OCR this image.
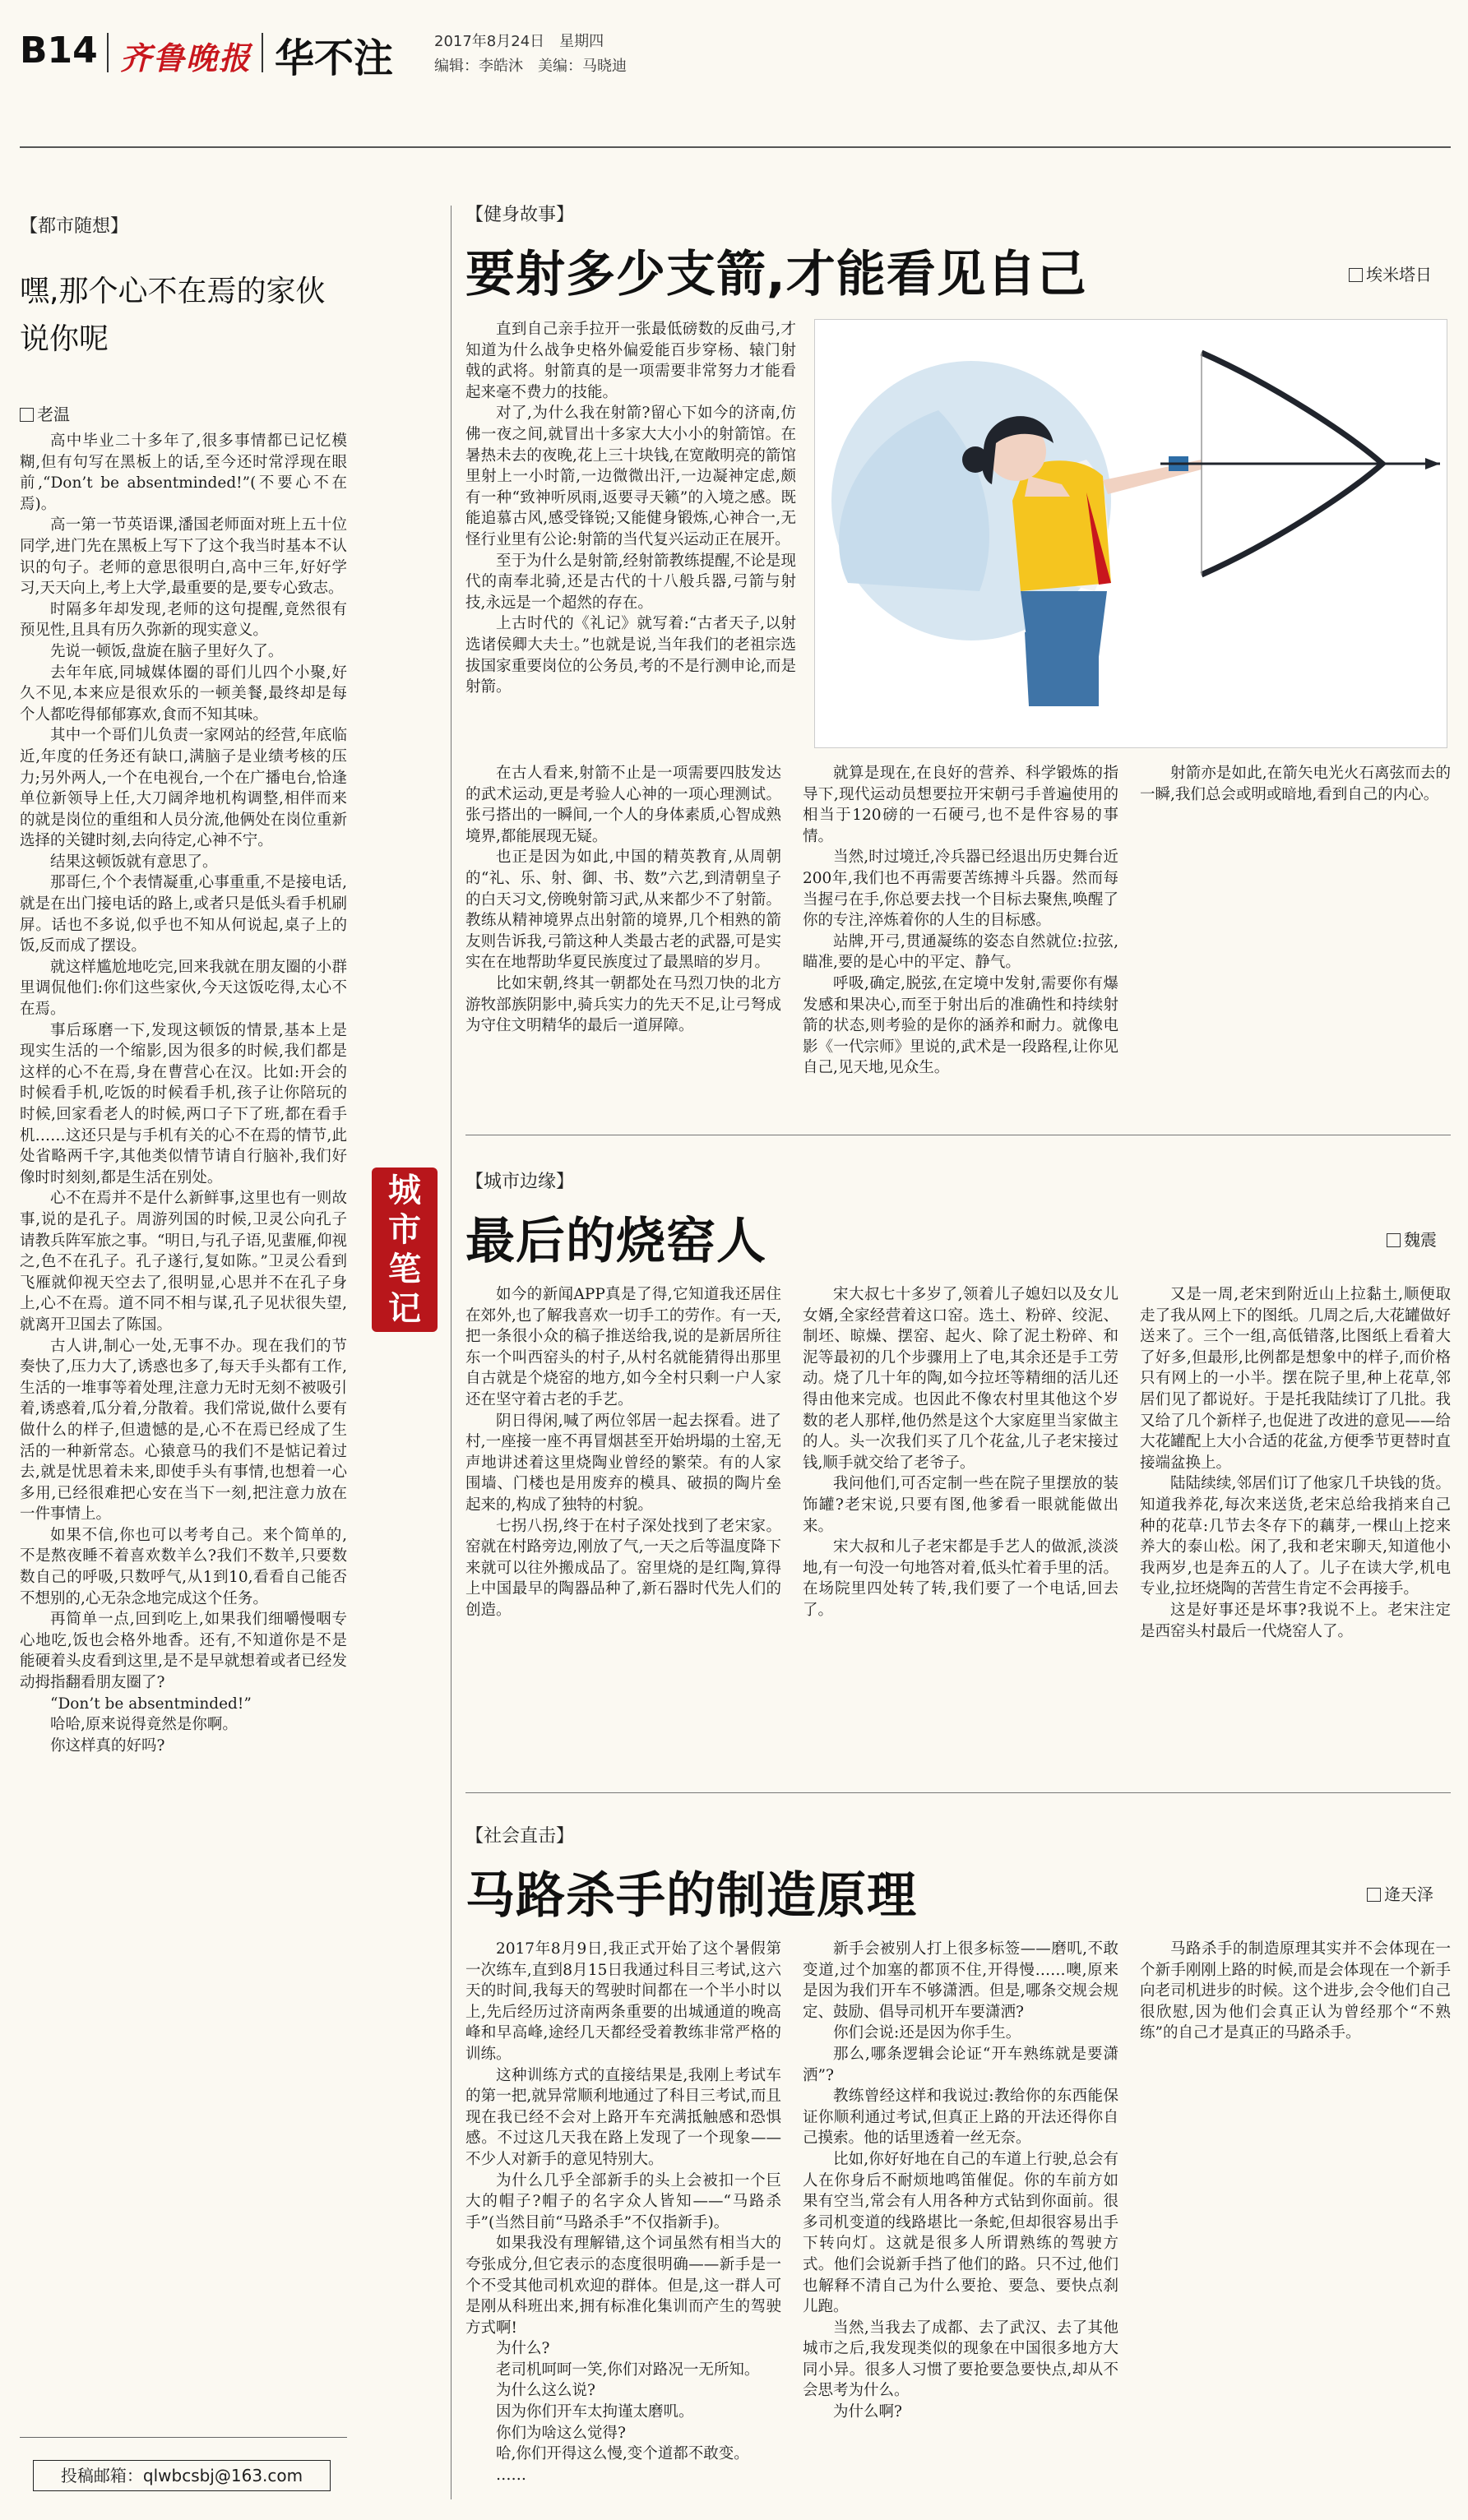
B14 齐鲁晚报 华不注	2017年8月24日　星期四
编辑：李皓沐　美编：马晓迪
【都市随想】
嘿,那个心不在焉的家伙说你呢
老温

高中毕业二十多年了,很多事情都已记忆模糊,但有句写在黑板上的话,至今还时常浮现在眼前,“Don’t be absentminded!”(不要心不在焉)。

高一第一节英语课,潘国老师面对班上五十位同学,进门先在黑板上写下了这个我当时基本不认识的句子。老师的意思很明白,高中三年,好好学习,天天向上,考上大学,最重要的是,要专心致志。

时隔多年却发现,老师的这句提醒,竟然很有预见性,且具有历久弥新的现实意义。

先说一顿饭,盘旋在脑子里好久了。

去年年底,同城媒体圈的哥们儿四个小聚,好久不见,本来应是很欢乐的一顿美餐,最终却是每个人都吃得郁郁寡欢,食而不知其味。

其中一个哥们儿负责一家网站的经营,年底临近,年度的任务还有缺口,满脑子是业绩考核的压力;另外两人,一个在电视台,一个在广播电台,恰逢单位新领导上任,大刀阔斧地机构调整,相伴而来的就是岗位的重组和人员分流,他俩处在岗位重新选择的关键时刻,去向待定,心神不宁。

结果这顿饭就有意思了。

那哥仨,个个表情凝重,心事重重,不是接电话,就是在出门接电话的路上,或者只是低头看手机刷屏。话也不多说,似乎也不知从何说起,桌子上的饭,反而成了摆设。

就这样尴尬地吃完,回来我就在朋友圈的小群里调侃他们:你们这些家伙,今天这饭吃得,太心不在焉。

事后琢磨一下,发现这顿饭的情景,基本上是现实生活的一个缩影,因为很多的时候,我们都是这样的心不在焉,身在曹营心在汉。比如:开会的时候看手机,吃饭的时候看手机,孩子让你陪玩的时候,回家看老人的时候,两口子下了班,都在看手机……这还只是与手机有关的心不在焉的情节,此处省略两千字,其他类似情节请自行脑补,我们好像时时刻刻,都是生活在别处。

心不在焉并不是什么新鲜事,这里也有一则故事,说的是孔子。周游列国的时候,卫灵公向孔子请教兵阵军旅之事。“明日,与孔子语,见蜚雁,仰视之,色不在孔子。孔子遂行,复如陈。”卫灵公看到飞雁就仰视天空去了,很明显,心思并不在孔子身上,心不在焉。道不同不相与谋,孔子见状很失望,就离开卫国去了陈国。

古人讲,制心一处,无事不办。现在我们的节奏快了,压力大了,诱惑也多了,每天手头都有工作,生活的一堆事等着处理,注意力无时无刻不被吸引着,诱惑着,瓜分着,分散着。我们常说,做什么要有做什么的样子,但遗憾的是,心不在焉已经成了生活的一种新常态。心猿意马的我们不是惦记着过去,就是忧思着未来,即使手头有事情,也想着一心多用,已经很难把心安在当下一刻,把注意力放在一件事情上。

如果不信,你也可以考考自己。来个简单的,不是熬夜睡不着喜欢数羊么?我们不数羊,只要数数自己的呼吸,只数呼气,从1到10,看看自己能否不想别的,心无杂念地完成这个任务。

再简单一点,回到吃上,如果我们细嚼慢咽专心地吃,饭也会格外地香。还有,不知道你是不是能硬着头皮看到这里,是不是早就想着或者已经发动拇指翻看朋友圈了?

“Don’t be absentminded!”

哈哈,原来说得竟然是你啊。

你这样真的好吗?

投稿邮箱：qlwbcsbj@163.com
城
市
笔
记
【健身故事】
要射多少支箭,才能看见自己	埃米塔日

直到自己亲手拉开一张最低磅数的反曲弓,才知道为什么战争史格外偏爱能百步穿杨、辕门射戟的武将。射箭真的是一项需要非常努力才能看起来毫不费力的技能。

对了,为什么我在射箭?留心下如今的济南,仿佛一夜之间,就冒出十多家大大小小的射箭馆。在暑热未去的夜晚,花上三十块钱,在宽敞明亮的箭馆里射上一小时箭,一边微微出汗,一边凝神定虑,颇有一种“致神听夙雨,返要寻天籁”的入境之感。既能追慕古风,感受锋锐;又能健身锻炼,心神合一,无怪行业里有公论:射箭的当代复兴运动正在展开。

至于为什么是射箭,经射箭教练提醒,不论是现代的南奉北骑,还是古代的十八般兵器,弓箭与射技,永远是一个超然的存在。

上古时代的《礼记》就写着:“古者天子,以射选诸侯卿大夫士。”也就是说,当年我们的老祖宗选拔国家重要岗位的公务员,考的不是行测申论,而是射箭。

在古人看来,射箭不止是一项需要四肢发达的武术运动,更是考验人心神的一项心理测试。张弓搭出的一瞬间,一个人的身体素质,心智成熟境界,都能展现无疑。

也正是因为如此,中国的精英教育,从周朝的“礼、乐、射、御、书、数”六艺,到清朝皇子的白天习文,傍晚射箭习武,从来都少不了射箭。教练从精神境界点出射箭的境界,几个相熟的箭友则告诉我,弓箭这种人类最古老的武器,可是实实在在地帮助华夏民族度过了最黑暗的岁月。

比如宋朝,终其一朝都处在马烈刀快的北方游牧部族阴影中,骑兵实力的先天不足,让弓弩成为守住文明精华的最后一道屏障。

就算是现在,在良好的营养、科学锻炼的指导下,现代运动员想要拉开宋朝弓手普遍使用的相当于120磅的一石硬弓,也不是件容易的事情。

当然,时过境迁,冷兵器已经退出历史舞台近200年,我们也不再需要苦练搏斗兵器。然而每当握弓在手,你总要去找一个目标去聚焦,唤醒了你的专注,淬炼着你的人生的目标感。

站牌,开弓,贯通凝练的姿态自然就位:拉弦,瞄准,要的是心中的平定、静气。

呼吸,确定,脱弦,在定境中发射,需要你有爆发感和果决心,而至于射出后的准确性和持续射箭的状态,则考验的是你的涵养和耐力。就像电影《一代宗师》里说的,武术是一段路程,让你见自己,见天地,见众生。

射箭亦是如此,在箭矢电光火石离弦而去的一瞬,我们总会或明或暗地,看到自己的内心。

【城市边缘】
最后的烧窑人	魏震

如今的新闻APP真是了得,它知道我还居住在郊外,也了解我喜欢一切手工的劳作。有一天,把一条很小众的稿子推送给我,说的是新居所往东一个叫西窑头的村子,从村名就能猜得出那里自古就是个烧窑的地方,如今全村只剩一户人家还在坚守着古老的手艺。

阴日得闲,喊了两位邻居一起去探看。进了村,一座接一座不再冒烟甚至开始坍塌的土窑,无声地讲述着这里烧陶业曾经的繁荣。有的人家围墙、门楼也是用废弃的模具、破损的陶片垒起来的,构成了独特的村貌。

七拐八拐,终于在村子深处找到了老宋家。窑就在村路旁边,刚放了气,一天之后等温度降下来就可以往外搬成品了。窑里烧的是红陶,算得上中国最早的陶器品种了,新石器时代先人们的创造。

宋大叔七十多岁了,领着儿子媳妇以及女儿女婿,全家经营着这口窑。选土、粉碎、绞泥、制坯、晾燥、摆窑、起火、除了泥土粉碎、和泥等最初的几个步骤用上了电,其余还是手工劳动。烧了几十年的陶,如今拉坯等精细的活儿还得由他来完成。也因此不像农村里其他这个岁数的老人那样,他仍然是这个大家庭里当家做主的人。头一次我们买了几个花盆,儿子老宋接过钱,顺手就交给了老爷子。

我问他们,可否定制一些在院子里摆放的装饰罐?老宋说,只要有图,他爹看一眼就能做出来。

宋大叔和儿子老宋都是手艺人的做派,淡淡地,有一句没一句地答对着,低头忙着手里的活。在场院里四处转了转,我们要了一个电话,回去了。

又是一周,老宋到附近山上拉黏土,顺便取走了我从网上下的图纸。几周之后,大花罐做好送来了。三个一组,高低错落,比图纸上看着大了好多,但最形,比例都是想象中的样子,而价格只有网上的一小半。摆在院子里,种上花草,邻居们见了都说好。于是托我陆续订了几批。我又给了几个新样子,也促进了改进的意见——给大花罐配上大小合适的花盆,方便季节更替时直接端盆换上。

陆陆续续,邻居们订了他家几千块钱的货。知道我养花,每次来送货,老宋总给我捎来自己种的花草:几节去冬存下的藕芽,一棵山上挖来养大的泰山松。闲了,我和老宋聊天,知道他小我两岁,也是奔五的人了。儿子在读大学,机电专业,拉坯烧陶的苦营生肯定不会再接手。

这是好事还是坏事?我说不上。老宋注定是西窑头村最后一代烧窑人了。

【社会直击】
马路杀手的制造原理	逄天泽

2017年8月9日,我正式开始了这个暑假第一次练车,直到8月15日我通过科目三考试,这六天的时间,我每天的驾驶时间都在一个半小时以上,先后经历过济南两条重要的出城通道的晚高峰和早高峰,途经几天都经受着教练非常严格的训练。

这种训练方式的直接结果是,我刚上考试车的第一把,就异常顺利地通过了科目三考试,而且现在我已经不会对上路开车充满抵触感和恐惧感。不过这几天我在路上发现了一个现象——不少人对新手的意见特别大。

为什么几乎全部新手的头上会被扣一个巨大的帽子?帽子的名字众人皆知——“马路杀手”(当然目前“马路杀手”不仅指新手)。

如果我没有理解错,这个词虽然有相当大的夸张成分,但它表示的态度很明确——新手是一个不受其他司机欢迎的群体。但是,这一群人可是刚从科班出来,拥有标准化集训而产生的驾驶方式啊!

为什么?

老司机呵呵一笑,你们对路况一无所知。

为什么这么说?

因为你们开车太拘谨太磨叽。

你们为啥这么觉得?

哈,你们开得这么慢,变个道都不敢变。

……

新手会被别人打上很多标签——磨叽,不敢变道,过个加塞的都顶不住,开得慢……噢,原来是因为我们开车不够潇洒。但是,哪条交规会规定、鼓励、倡导司机开车要潇洒?

你们会说:还是因为你手生。

那么,哪条逻辑会论证“开车熟练就是要潇洒”?

教练曾经这样和我说过:教给你的东西能保证你顺利通过考试,但真正上路的开法还得你自己摸索。他的话里透着一丝无奈。

比如,你好好地在自己的车道上行驶,总会有人在你身后不耐烦地鸣笛催促。你的车前方如果有空当,常会有人用各种方式钻到你面前。很多司机变道的线路堪比一条蛇,但却很容易出手下转向灯。这就是很多人所谓熟练的驾驶方式。他们会说新手挡了他们的路。只不过,他们也解释不清自己为什么要抢、要急、要快点刹儿跑。

当然,当我去了成都、去了武汉、去了其他城市之后,我发现类似的现象在中国很多地方大同小异。很多人习惯了要抢要急要快点,却从不会思考为什么。

为什么啊?

马路杀手的制造原理其实并不会体现在一个新手刚刚上路的时候,而是会体现在一个新手向老司机进步的时候。这个进步,会令他们自己很欣慰,因为他们会真正认为曾经那个“不熟练”的自己才是真正的马路杀手。
